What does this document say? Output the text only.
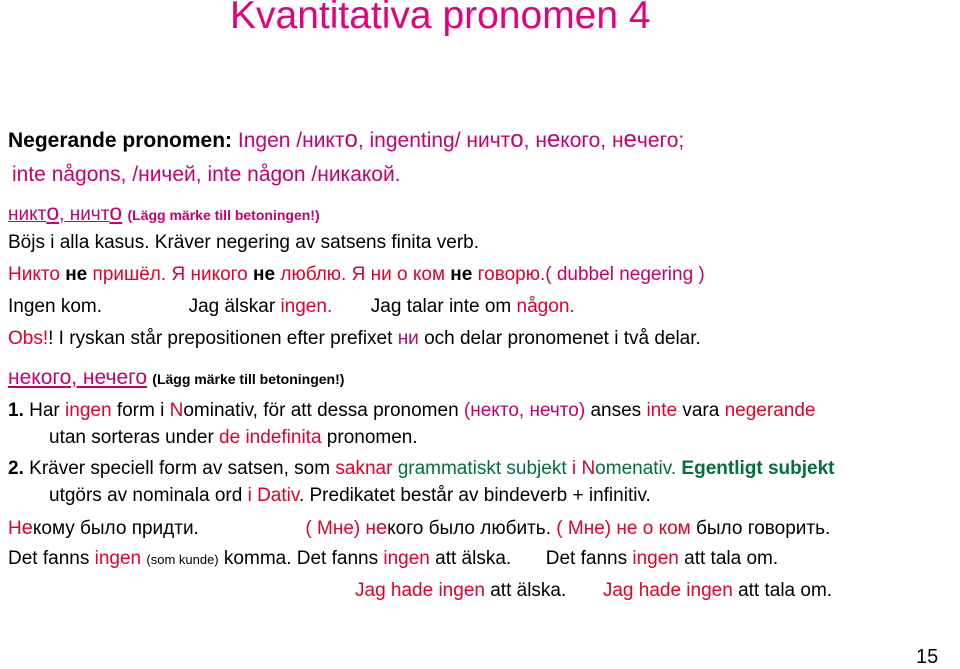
Kvantitativa pronomen 4
Negerande pronomen: Ingen /никто, ingenting/ ничто, некого, нечего;
inte någons, /ничей, inte någon /никакой.
никто, ничто (Lägg märke till betoningen!)
Böjs i alla kasus. Kräver negering av satsens finita verb.
Никто не пришёл. Я никого не люблю. Я ни о ком не говорю.( dubbel negering )
Ingen kom.	Jag älskar ingen. Jag talar inte om någon.
Obs!! I ryskan står prepositionen efter prefixet ни och delar pronomenet i två delar.
некого, нечего (Lägg märke till betoningen!)
1. Har ingen form i Nominativ, för att dessa pronomen (некто, нечто) anses inte vara negerande
utan sorteras under de indefinita pronomen.
2. Kräver speciell form av satsen, som saknar grammatiskt subjekt i Nomenativ. Egentligt subjekt
utgörs av nominala ord i Dativ. Predikatet består av bindeverb + infinitiv.
Некому было придти.	( Мне) некого было любить. ( Мне) не о ком было говорить.
Det fanns ingen (som kunde) komma. Det fanns ingen att älska. Det fanns ingen att tala om.
Jag hade ingen att älska. Jag hade ingen att tala om.
15
